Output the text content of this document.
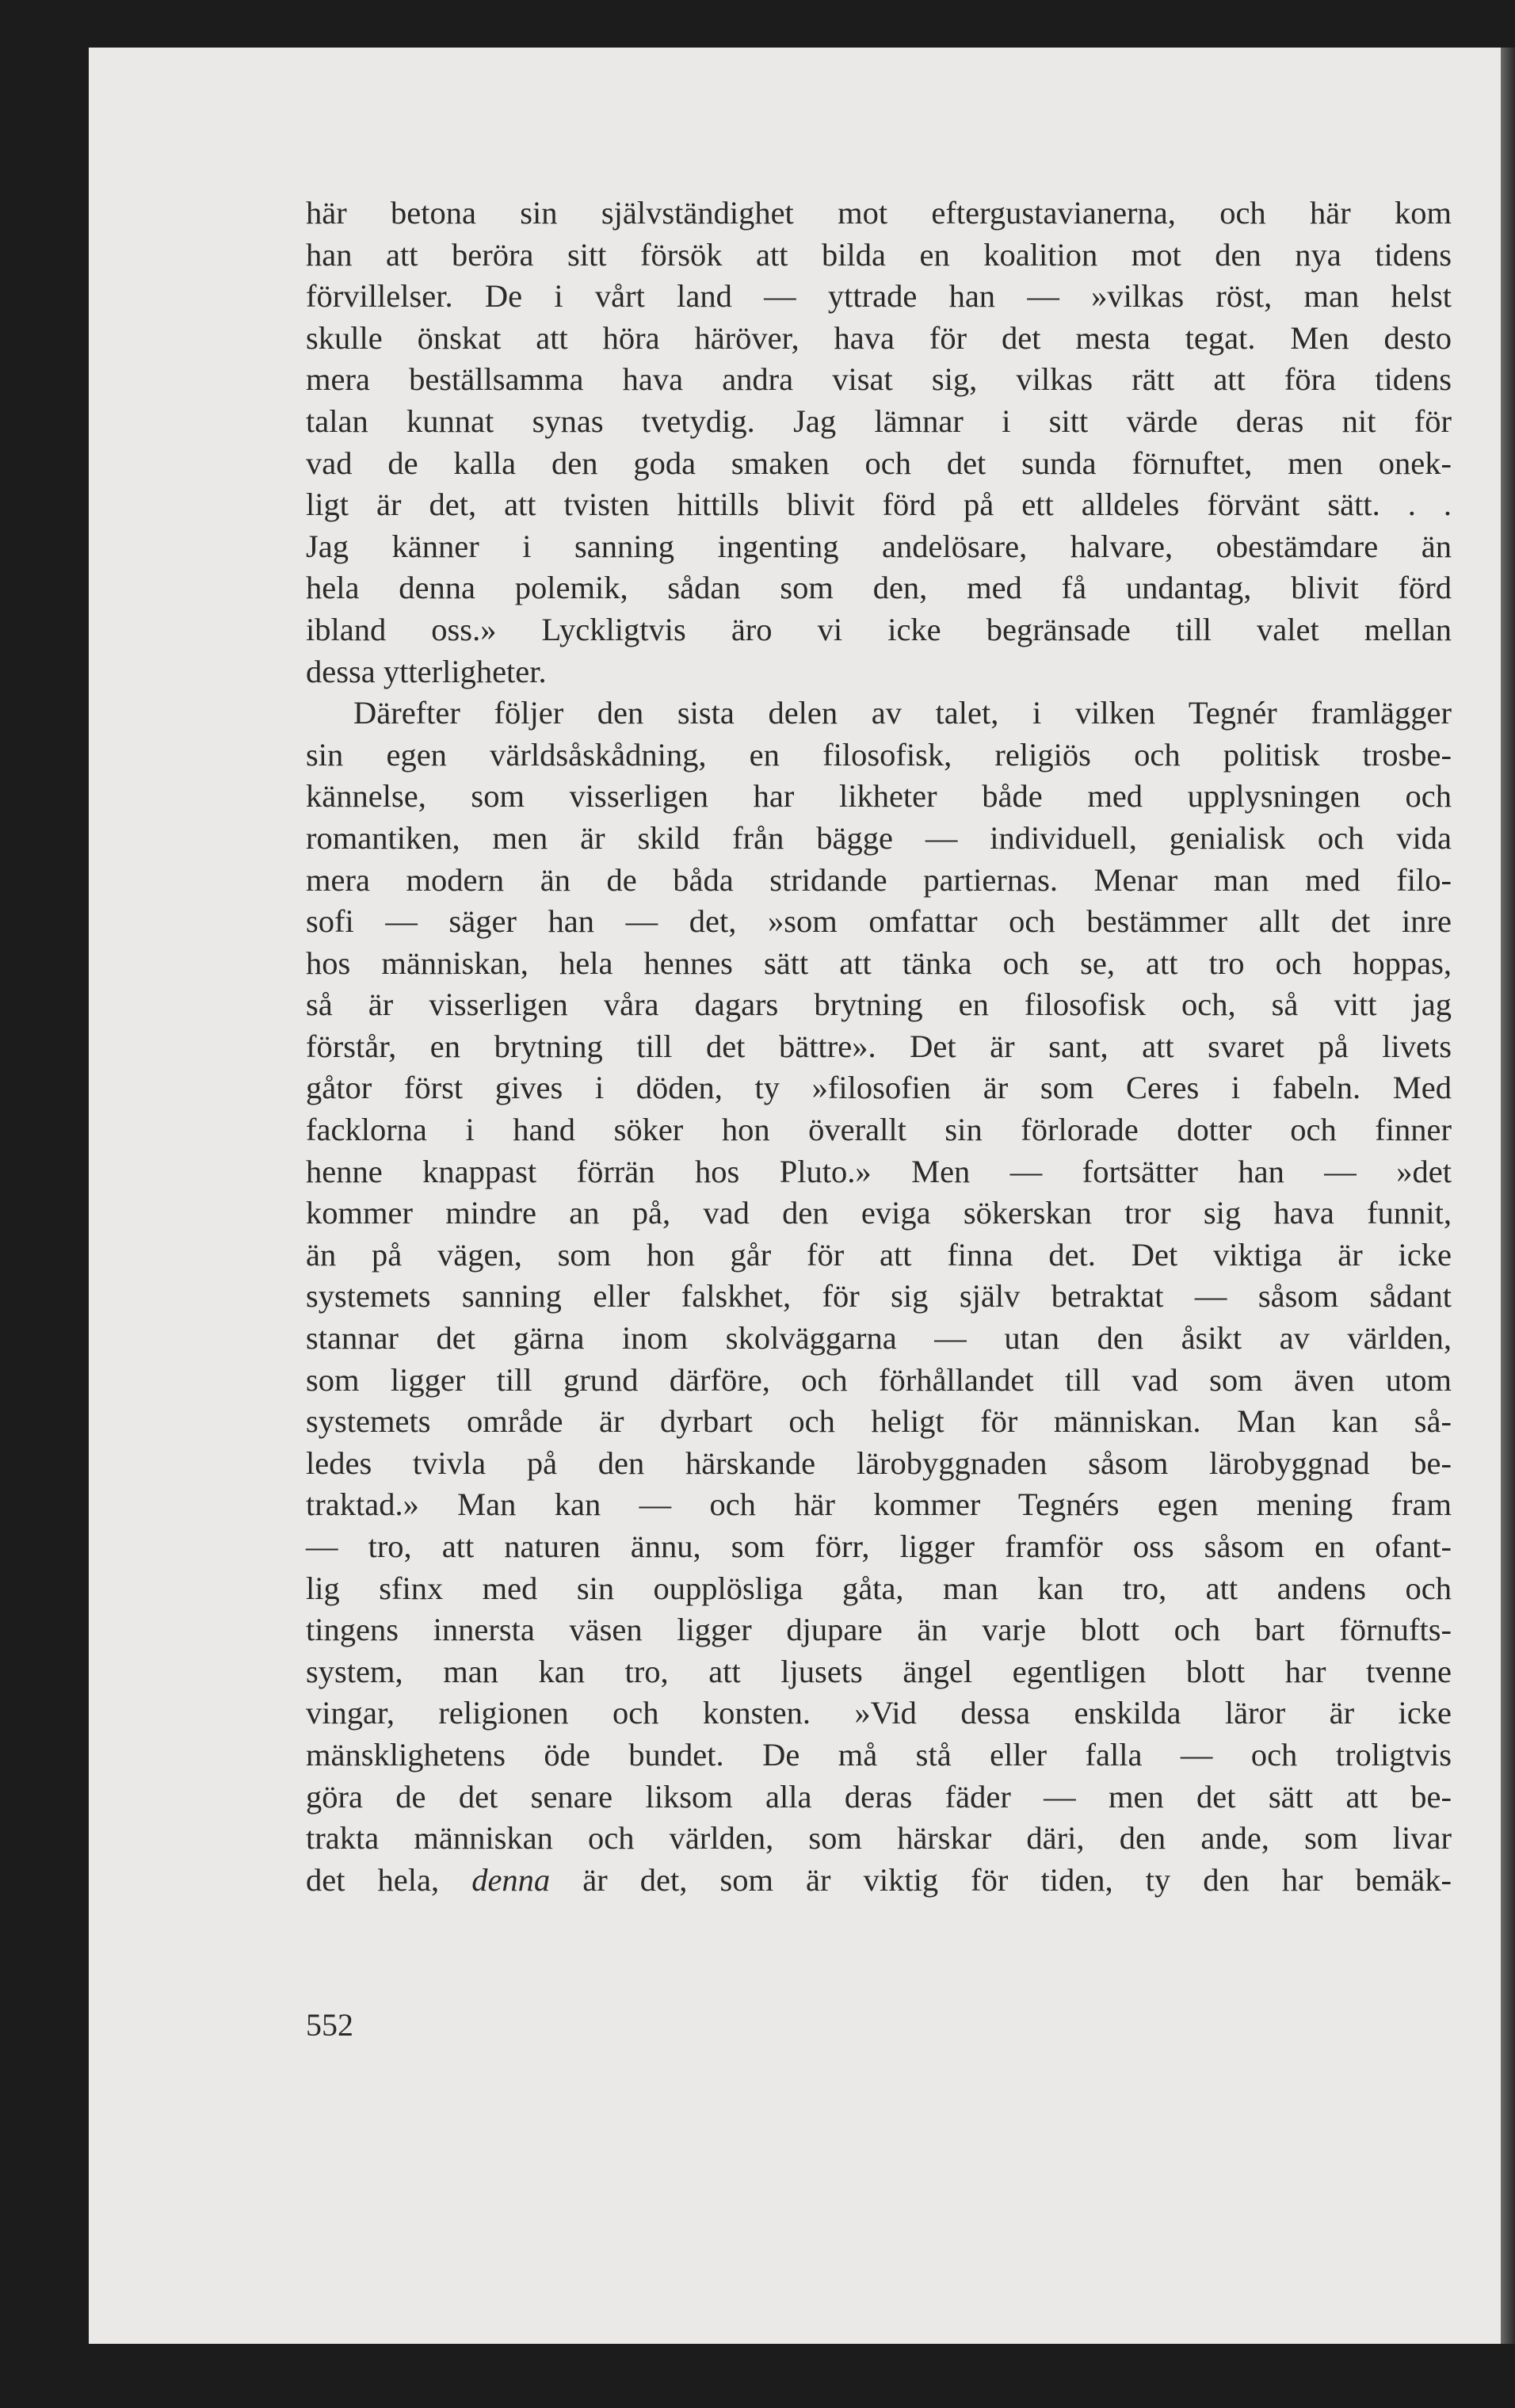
här betona sin självständighet mot eftergustavianerna, och här kom
han att beröra sitt försök att bilda en koalition mot den nya tidens
förvillelser. De i vårt land — yttrade han — »vilkas röst, man helst
skulle önskat att höra häröver, hava för det mesta tegat. Men desto
mera beställsamma hava andra visat sig, vilkas rätt att föra tidens
talan kunnat synas tvetydig. Jag lämnar i sitt värde deras nit för
vad de kalla den goda smaken och det sunda förnuftet, men onek-
ligt är det, att tvisten hittills blivit förd på ett alldeles förvänt sätt. . .
Jag känner i sanning ingenting andelösare, halvare, obestämdare än
hela denna polemik, sådan som den, med få undantag, blivit förd
ibland oss.» Lyckligtvis äro vi icke begränsade till valet mellan
dessa ytterligheter.
Därefter följer den sista delen av talet, i vilken Tegnér framlägger
sin egen världsåskådning, en filosofisk, religiös och politisk trosbe-
kännelse, som visserligen har likheter både med upplysningen och
romantiken, men är skild från bägge — individuell, genialisk och vida
mera modern än de båda stridande partiernas. Menar man med filo-
sofi — säger han — det, »som omfattar och bestämmer allt det inre
hos människan, hela hennes sätt att tänka och se, att tro och hoppas,
så är visserligen våra dagars brytning en filosofisk och, så vitt jag
förstår, en brytning till det bättre». Det är sant, att svaret på livets
gåtor först gives i döden, ty »filosofien är som Ceres i fabeln. Med
facklorna i hand söker hon överallt sin förlorade dotter och finner
henne knappast förrän hos Pluto.» Men — fortsätter han — »det
kommer mindre an på, vad den eviga sökerskan tror sig hava funnit,
än på vägen, som hon går för att finna det. Det viktiga är icke
systemets sanning eller falskhet, för sig själv betraktat — såsom sådant
stannar det gärna inom skolväggarna — utan den åsikt av världen,
som ligger till grund därföre, och förhållandet till vad som även utom
systemets område är dyrbart och heligt för människan. Man kan så-
ledes tvivla på den härskande lärobyggnaden såsom lärobyggnad be-
traktad.» Man kan — och här kommer Tegnérs egen mening fram
— tro, att naturen ännu, som förr, ligger framför oss såsom en ofant-
lig sfinx med sin oupplösliga gåta, man kan tro, att andens och
tingens innersta väsen ligger djupare än varje blott och bart förnufts-
system, man kan tro, att ljusets ängel egentligen blott har tvenne
vingar, religionen och konsten. »Vid dessa enskilda läror är icke
mänsklighetens öde bundet. De må stå eller falla — och troligtvis
göra de det senare liksom alla deras fäder — men det sätt att be-
trakta människan och världen, som härskar däri, den ande, som livar
det hela, denna är det, som är viktig för tiden, ty den har bemäk-
552
